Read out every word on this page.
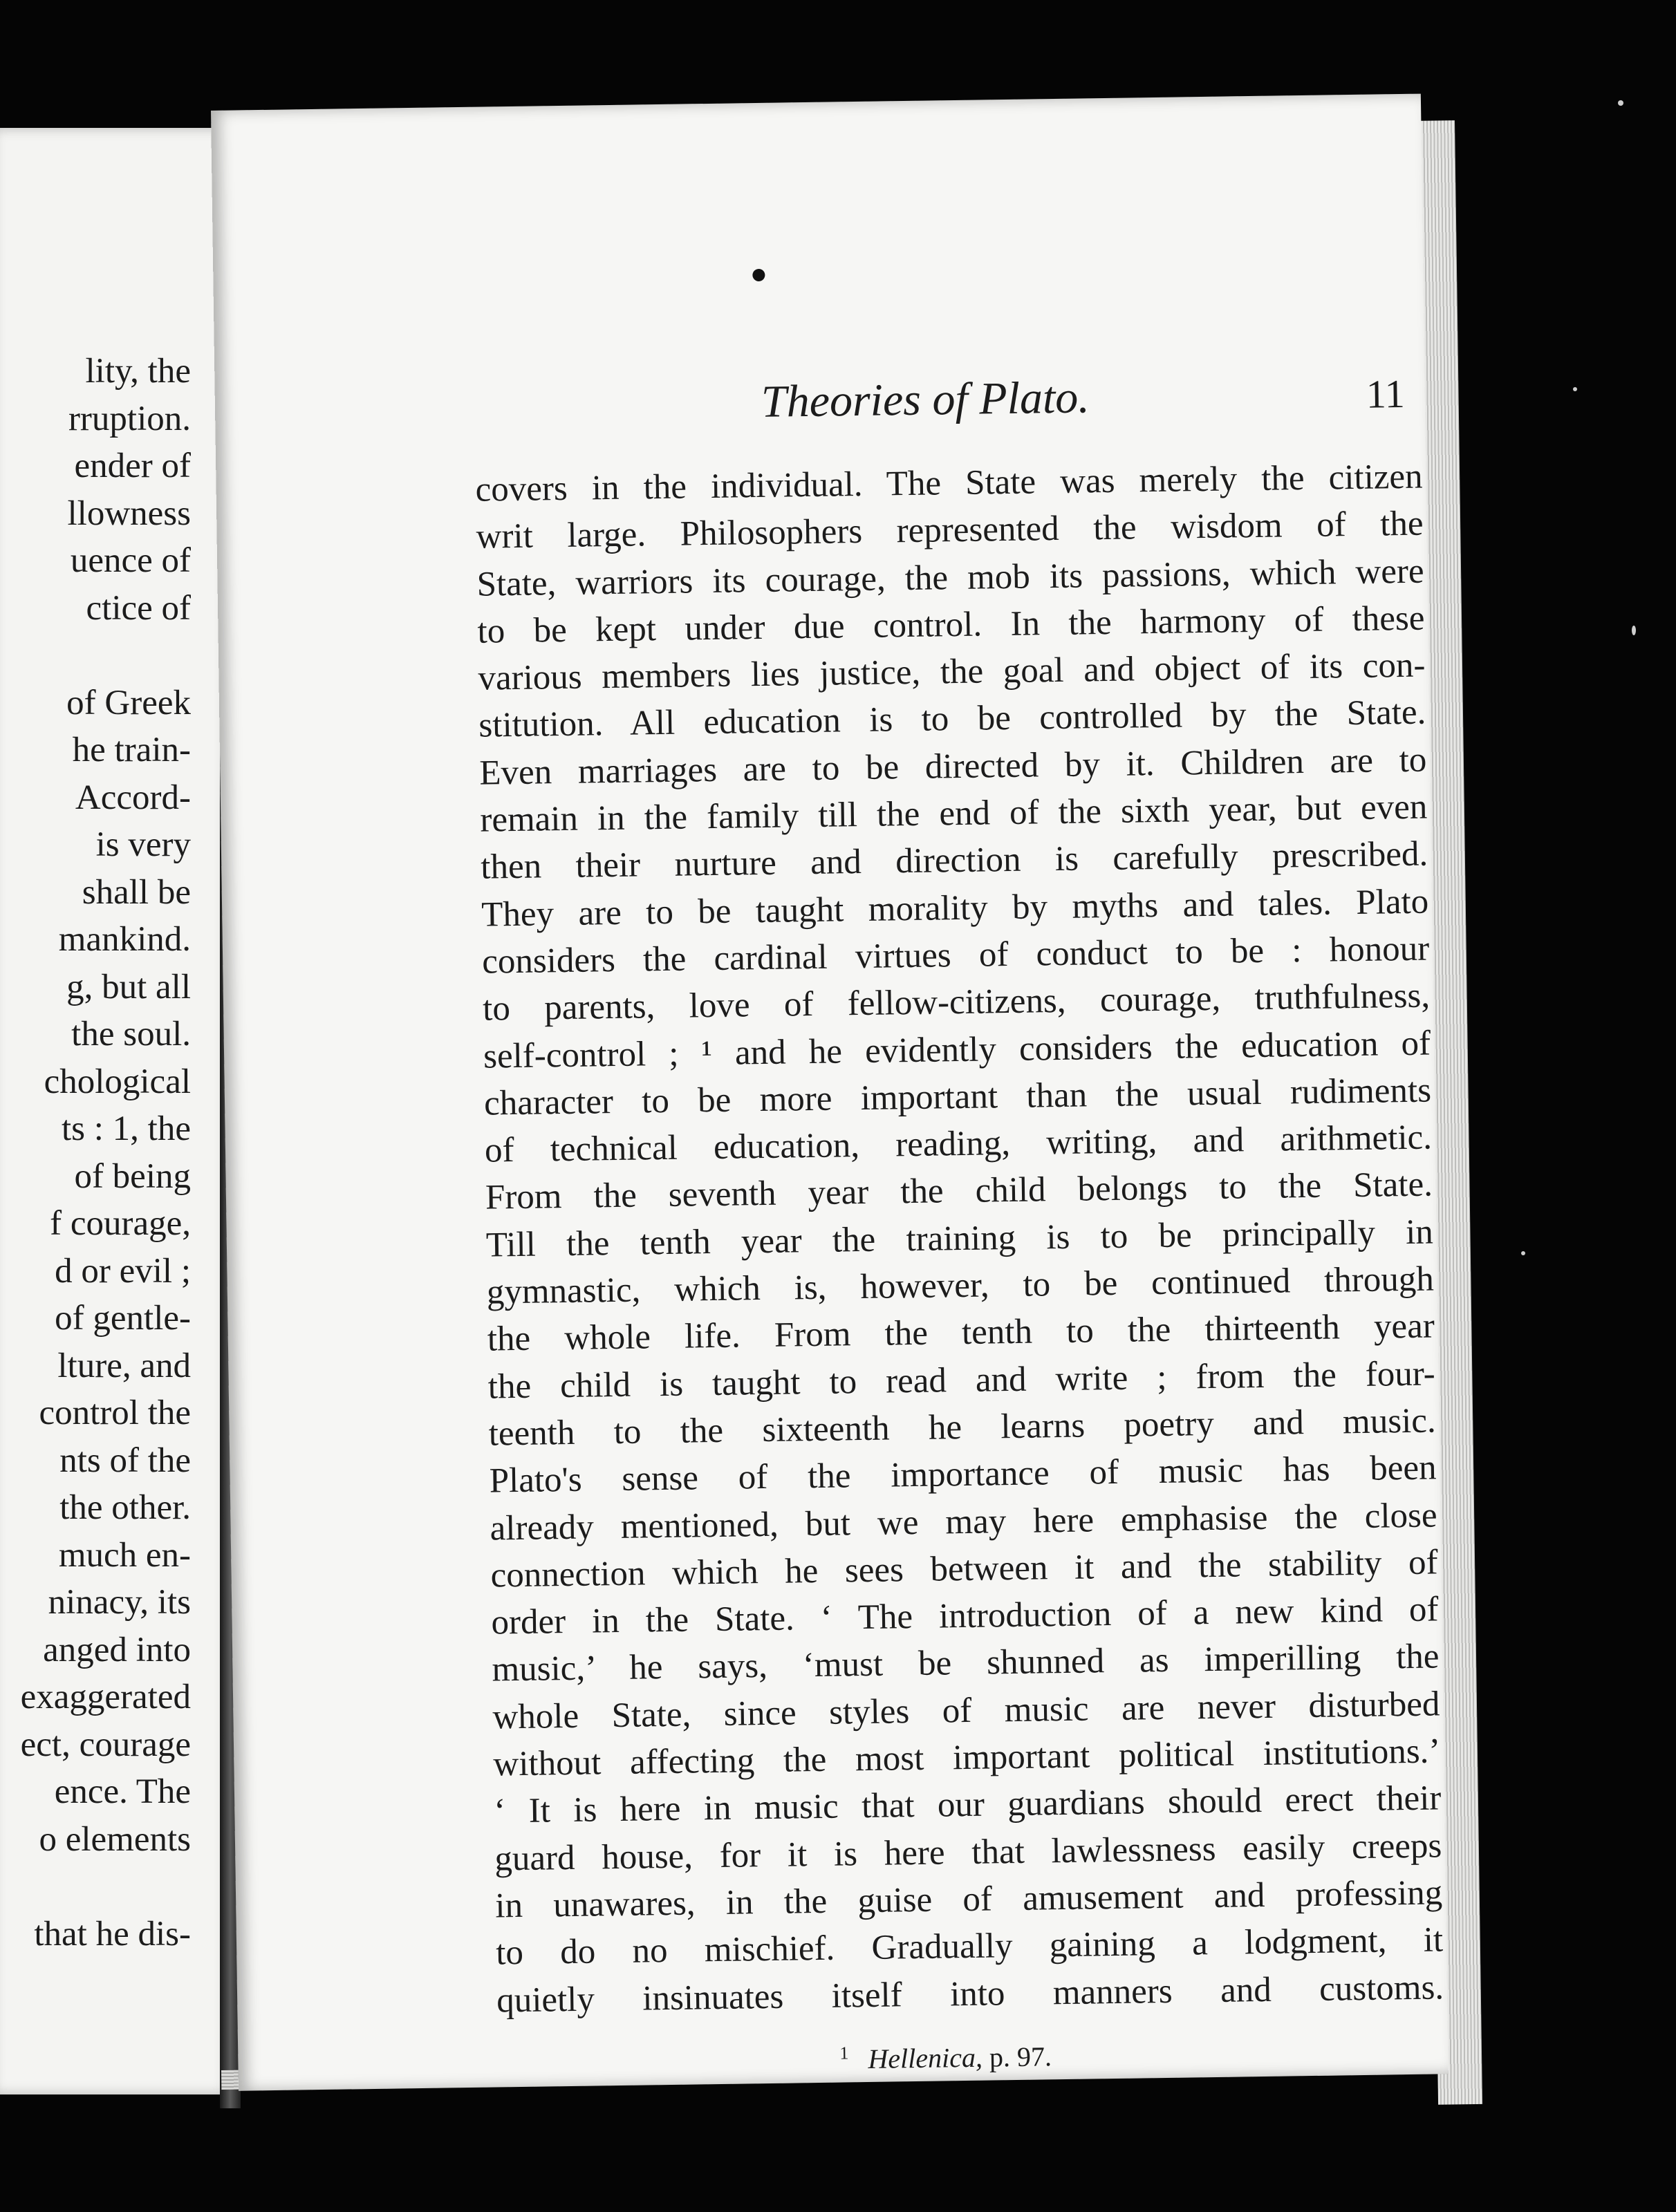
lity, the
rruption.
ender of
llowness
uence of
ctice of
of Greek
he train-
Accord-
is very
shall be
mankind.
g, but all
the soul.
chological
ts : 1, the
of being
f courage,
d or evil ;
of gentle-
lture, and
control the
nts of the
the other.
much en-
ninacy, its
anged into
exaggerated
ect, courage
ence. The
o elements
that he dis-
Theories of Plato.	11
covers in the individual. The State was merely the citizen
writ large. Philosophers represented the wisdom of the
State, warriors its courage, the mob its passions, which were
to be kept under due control. In the harmony of these
various members lies justice, the goal and object of its con-
stitution. All education is to be controlled by the State.
Even marriages are to be directed by it. Children are to
remain in the family till the end of the sixth year, but even
then their nurture and direction is carefully prescribed.
They are to be taught morality by myths and tales. Plato
considers the cardinal virtues of conduct to be : honour
to parents, love of fellow-citizens, courage, truthfulness,
self-control ; ¹ and he evidently considers the education of
character to be more important than the usual rudiments
of technical education, reading, writing, and arithmetic.
From the seventh year the child belongs to the State.
Till the tenth year the training is to be principally in
gymnastic, which is, however, to be continued through
the whole life. From the tenth to the thirteenth year
the child is taught to read and write ; from the four-
teenth to the sixteenth he learns poetry and music.
Plato's sense of the importance of music has been
already mentioned, but we may here emphasise the close
connection which he sees between it and the stability of
order in the State. ‘ The introduction of a new kind of
music,’ he says, ‘must be shunned as imperilling the
whole State, since styles of music are never disturbed
without affecting the most important political institutions.’
‘ It is here in music that our guardians should erect their
guard house, for it is here that lawlessness easily creeps
in unawares, in the guise of amusement and professing
to do no mischief. Gradually gaining a lodgment, it
quietly insinuates itself into manners and customs.
$^1$ Hellenica, p. 97.
